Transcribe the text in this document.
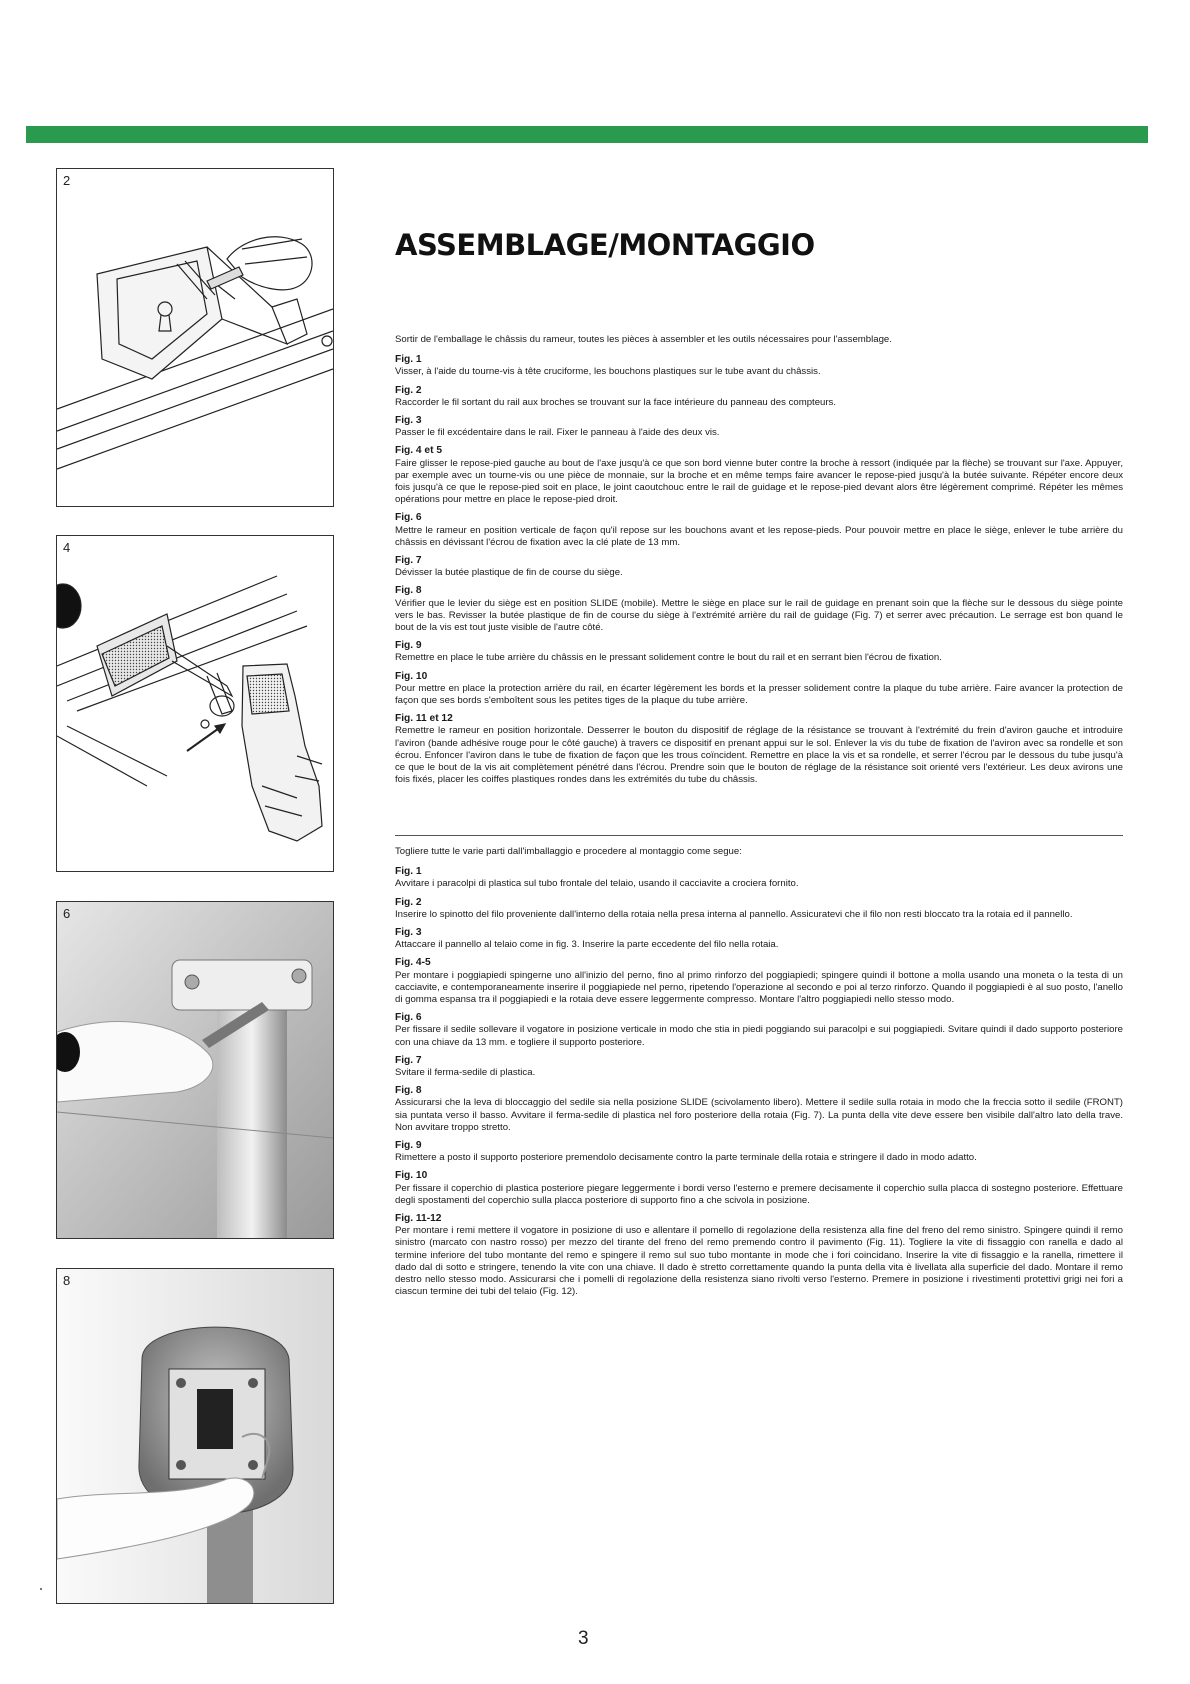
2
4
6
8
ASSEMBLAGE/MONTAGGIO

Sortir de l'emballage le châssis du rameur, toutes les pièces à assembler et les outils nécessaires pour l'assemblage.

Fig. 1
Visser, à l'aide du tourne-vis à tête cruciforme, les bouchons plastiques sur le tube avant du châssis.
Fig. 2
Raccorder le fil sortant du rail aux broches se trouvant sur la face intérieure du panneau des compteurs.
Fig. 3
Passer le fil excédentaire dans le rail. Fixer le panneau à l'aide des deux vis.
Fig. 4 et 5
Faire glisser le repose-pied gauche au bout de l'axe jusqu'à ce que son bord vienne buter contre la broche à ressort (indiquée par la flèche) se trouvant sur l'axe. Appuyer, par exemple avec un tourne-vis ou une pièce de monnaie, sur la broche et en même temps faire avancer le repose-pied jusqu'à la butée suivante. Répéter encore deux fois jusqu'à ce que le repose-pied soit en place, le joint caoutchouc entre le rail de guidage et le repose-pied devant alors être légèrement comprimé. Répéter les mêmes opérations pour mettre en place le repose-pied droit.
Fig. 6
Mettre le rameur en position verticale de façon qu'il repose sur les bouchons avant et les repose-pieds. Pour pouvoir mettre en place le siège, enlever le tube arrière du châssis en dévissant l'écrou de fixation avec la clé plate de 13 mm.
Fig. 7
Dévisser la butée plastique de fin de course du siège.
Fig. 8
Vérifier que le levier du siège est en position SLIDE (mobile). Mettre le siège en place sur le rail de guidage en prenant soin que la flèche sur le dessous du siège pointe vers le bas. Revisser la butée plastique de fin de course du siège à l'extrémité arrière du rail de guidage (Fig. 7) et serrer avec précaution. Le serrage est bon quand le bout de la vis est tout juste visible de l'autre côté.
Fig. 9
Remettre en place le tube arrière du châssis en le pressant solidement contre le bout du rail et en serrant bien l'écrou de fixation.
Fig. 10
Pour mettre en place la protection arrière du rail, en écarter légèrement les bords et la presser solidement contre la plaque du tube arrière. Faire avancer la protection de façon que ses bords s'emboîtent sous les petites tiges de la plaque du tube arrière.
Fig. 11 et 12
Remettre le rameur en position horizontale. Desserrer le bouton du dispositif de réglage de la résistance se trouvant à l'extrémité du frein d'aviron gauche et introduire l'aviron (bande adhésive rouge pour le côté gauche) à travers ce dispositif en prenant appui sur le sol. Enlever la vis du tube de fixation de l'aviron avec sa rondelle et son écrou. Enfoncer l'aviron dans le tube de fixation de façon que les trous coïncident. Remettre en place la vis et sa rondelle, et serrer l'écrou par le dessous du tube jusqu'à ce que le bout de la vis ait complètement pénétré dans l'écrou. Prendre soin que le bouton de réglage de la résistance soit orienté vers l'extérieur. Les deux avirons une fois fixés, placer les coiffes plastiques rondes dans les extrémités du tube du châssis.

Togliere tutte le varie parti dall'imballaggio e procedere al montaggio come segue:

Fig. 1
Avvitare i paracolpi di plastica sul tubo frontale del telaio, usando il cacciavite a crociera fornito.
Fig. 2
Inserire lo spinotto del filo proveniente dall'interno della rotaia nella presa interna al pannello. Assicuratevi che il filo non resti bloccato tra la rotaia ed il pannello.
Fig. 3
Attaccare il pannello al telaio come in fig. 3. Inserire la parte eccedente del filo nella rotaia.
Fig. 4-5
Per montare i poggiapiedi spingerne uno all'inizio del perno, fino al primo rinforzo del poggiapiedi; spingere quindi il bottone a molla usando una moneta o la testa di un cacciavite, e contemporaneamente inserire il poggiapiede nel perno, ripetendo l'operazione al secondo e poi al terzo rinforzo. Quando il poggiapiedi è al suo posto, l'anello di gomma espansa tra il poggiapiedi e la rotaia deve essere leggermente compresso. Montare l'altro poggiapiedi nello stesso modo.
Fig. 6
Per fissare il sedile sollevare il vogatore in posizione verticale in modo che stia in piedi poggiando sui paracolpi e sui poggiapiedi. Svitare quindi il dado supporto posteriore con una chiave da 13 mm. e togliere il supporto posteriore.
Fig. 7
Svitare il ferma-sedile di plastica.
Fig. 8
Assicurarsi che la leva di bloccaggio del sedile sia nella posizione SLIDE (scivolamento libero). Mettere il sedile sulla rotaia in modo che la freccia sotto il sedile (FRONT) sia puntata verso il basso. Avvitare il ferma-sedile di plastica nel foro posteriore della rotaia (Fig. 7). La punta della vite deve essere ben visibile dall'altro lato della trave. Non avvitare troppo stretto.
Fig. 9
Rimettere a posto il supporto posteriore premendolo decisamente contro la parte terminale della rotaia e stringere il dado in modo adatto.
Fig. 10
Per fissare il coperchio di plastica posteriore piegare leggermente i bordi verso l'esterno e premere decisamente il coperchio sulla placca di sostegno posteriore. Effettuare degli spostamenti del coperchio sulla placca posteriore di supporto fino a che scivola in posizione.
Fig. 11-12
Per montare i remi mettere il vogatore in posizione di uso e allentare il pomello di regolazione della resistenza alla fine del freno del remo sinistro. Spingere quindi il remo sinistro (marcato con nastro rosso) per mezzo del tirante del freno del remo premendo contro il pavimento (Fig. 11). Togliere la vite di fissaggio con ranella e dado al termine inferiore del tubo montante del remo e spingere il remo sul suo tubo montante in mode che i fori coincidano. Inserire la vite di fissaggio e la ranella, rimettere il dado dal di sotto e stringere, tenendo la vite con una chiave. Il dado è stretto correttamente quando la punta della vita è livellata alla superficie del dado. Montare il remo destro nello stesso modo. Assicurarsi che i pomelli di regolazione della resistenza siano rivolti verso l'esterno. Premere in posizione i rivestimenti protettivi grigi nei fori a ciascun termine dei tubi del telaio (Fig. 12).
3
